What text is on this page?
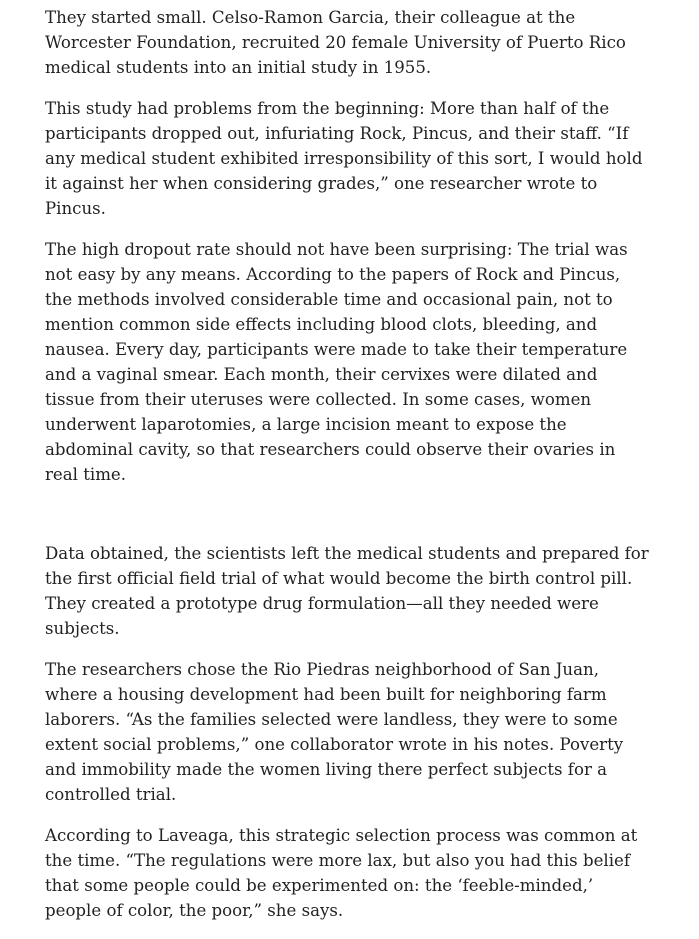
They started small. Celso-Ramon Garcia, their colleague at the Worcester Foundation, recruited 20 female University of Puerto Rico medical students into an initial study in 1955.

This study had problems from the beginning: More than half of the participants dropped out, infuriating Rock, Pincus, and their staff. “If any medical student exhibited irresponsibility of this sort, I would hold it against her when considering grades,” one researcher wrote to Pincus.

The high dropout rate should not have been surprising: The trial was not easy by any means. According to the papers of Rock and Pincus, the methods involved considerable time and occasional pain, not to mention common side effects including blood clots, bleeding, and nausea. Every day, participants were made to take their temperature and a vaginal smear. Each month, their cervixes were dilated and tissue from their uteruses were collected. In some cases, women underwent laparotomies, a large incision meant to expose the abdominal cavity, so that researchers could observe their ovaries in real time.

Data obtained, the scientists left the medical students and prepared for the first official field trial of what would become the birth control pill. They created a prototype drug formulation—all they needed were subjects.

The researchers chose the Rio Piedras neighborhood of San Juan, where a housing development had been built for neighboring farm laborers. “As the families selected were landless, they were to some extent social problems,” one collaborator wrote in his notes. Poverty and immobility made the women living there perfect subjects for a controlled trial.

According to Laveaga, this strategic selection process was common at the time. “The regulations were more lax, but also you had this belief that some people could be experimented on: the ‘feeble-minded,’ people of color, the poor,” she says.
